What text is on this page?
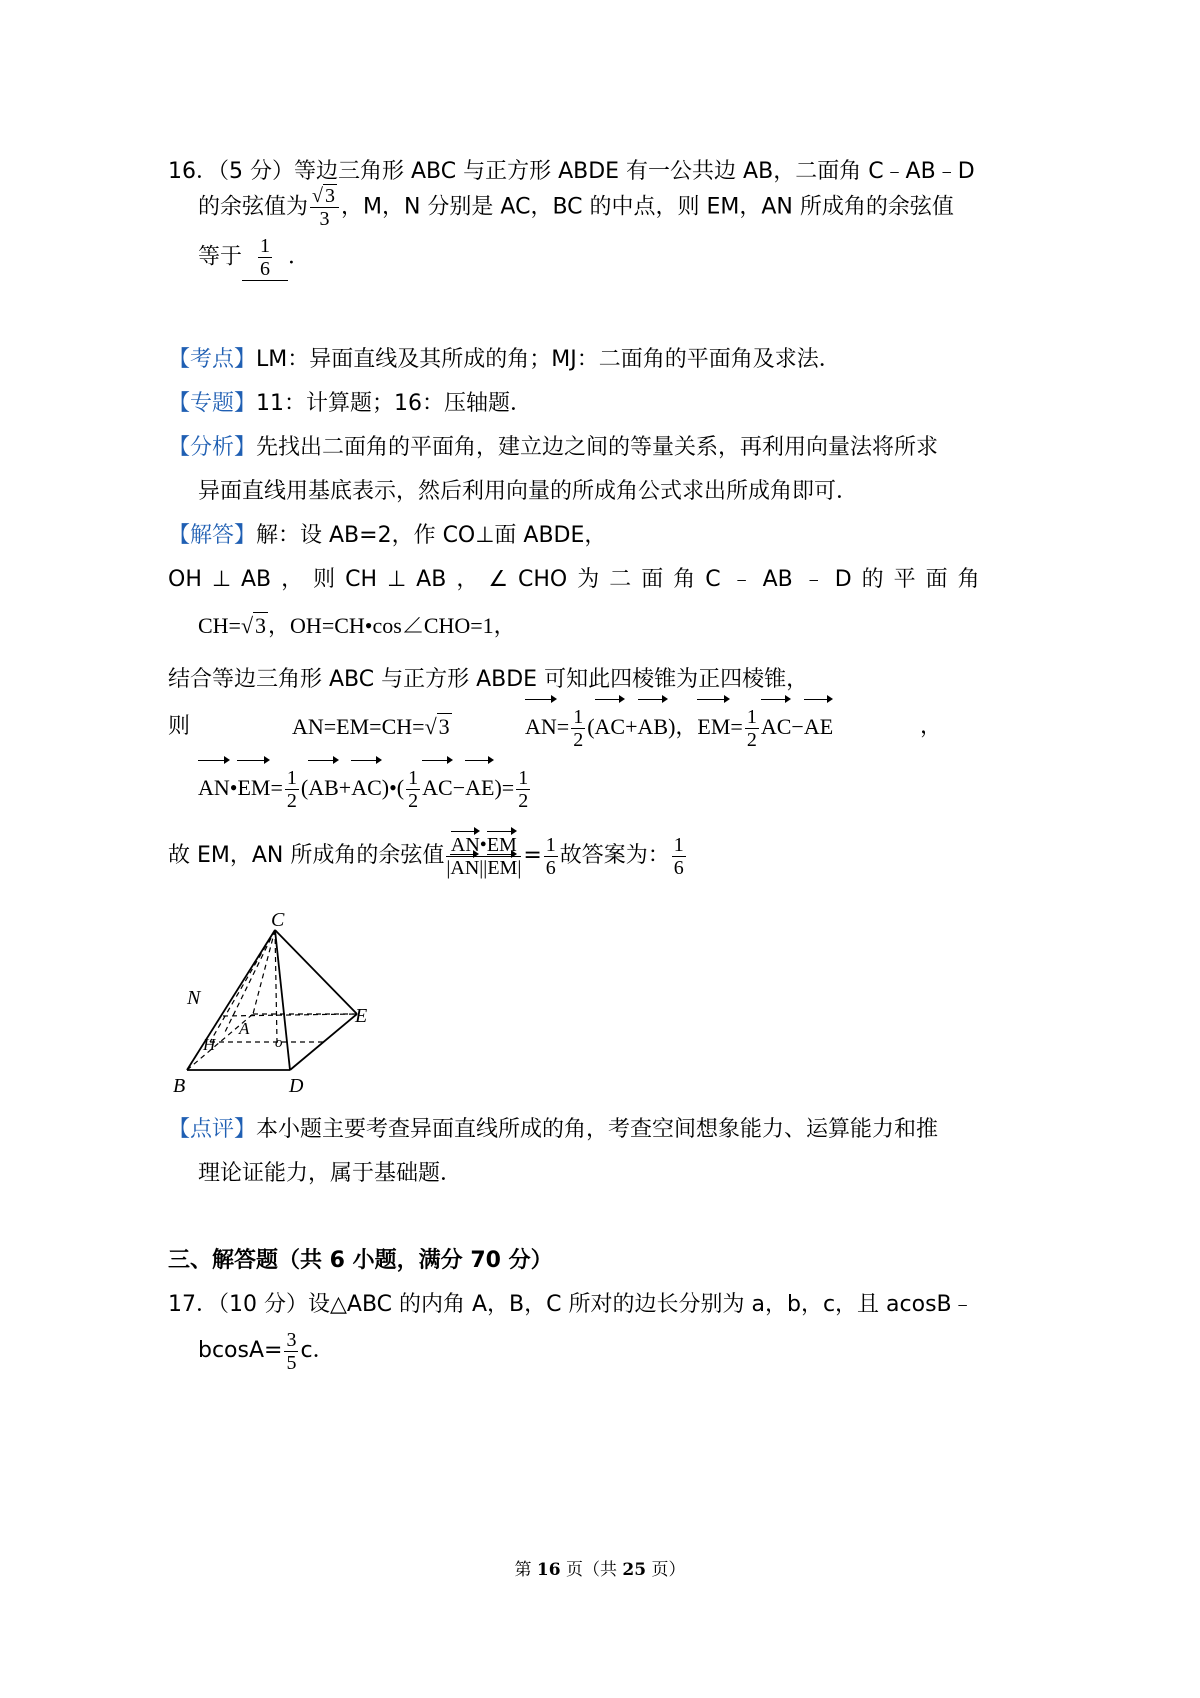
16．（5 分）等边三角形 ABC 与正方形 ABDE 有一公共边 AB，二面角 C﹣AB﹣D
的余弦值为 $\frac{√ 3}{3}$ ，M，N 分别是 AC，BC 的中点，则 EM，AN 所成角的余弦值
等于 $\frac{1}{6}$ ．
【考点】LM：异面直线及其所成的角；MJ：二面角的平面角及求法．
【专题】11：计算题；16：压轴题．
【分析】先找出二面角的平面角，建立边之间的等量关系，再利用向量法将所求
异面直线用基底表示，然后利用向量的所成角公式求出所成角即可．
【解答】解：设 AB=2，作 CO⊥面 ABDE，
OH ⊥ AB ， 则 CH ⊥ AB ， ∠ CHO 为 二 面 角 C ﹣ AB ﹣ D 的 平 面 角
CH=√3，OH=CH•cos∠CHO=1，
结合等边三角形 ABC 与正方形 ABDE 可知此四棱锥为正四棱锥，
则	AN=EM=CH=√3	$AN= \frac{1}{2} (AC+AB)$，$EM= \frac{1}{2} AC-AE$	，
AN•EM= $\frac{1}{2}$ (AB+AC)•( $\frac{1}{2} AC-AE)= \frac{1}{2}$
故 EM，AN 所成角的余弦值 $\frac{AN•EM}{|AN||EM|} = \frac{1}{6}$ 故答案为： $\frac{1}{6}$
C
N
E
A
H	o
B	D
【点评】本小题主要考查异面直线所成的角，考查空间想象能力、运算能力和推
理论证能力，属于基础题．
三、解答题（共 6 小题，满分 70 分）
17．（10 分）设△ABC 的内角 A，B，C 所对的边长分别为 a，b，c，且 acosB﹣
$bcosA= \frac{3}{5}$ c．
第 16 页（共 25 页）
